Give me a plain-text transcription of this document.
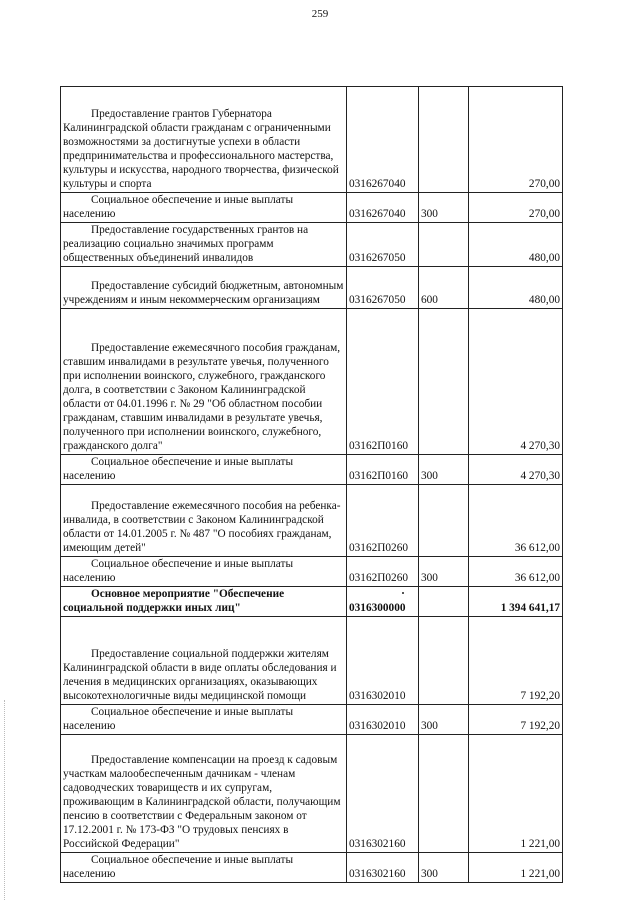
259
Предоставление грантов Губернатора Калининградской области гражданам с ограниченными возможностями за достигнутые успехи в области предпринимательства и профессионального мастерства, культуры и искусства, народного творчества, физической культуры и спорта	0316267040		270,00

Социальное обеспечение и иные выплаты населению	0316267040	300	270,00

Предоставление государственных грантов на реализацию социально значимых программ общественных объединений инвалидов	0316267050		480,00

Предоставление субсидий бюджетным, автономным учреждениям и иным некоммерческим организациям	0316267050	600	480,00

Предоставление ежемесячного пособия гражданам, ставшим инвалидами в результате увечья, полученного при исполнении воинского, служебного, гражданского долга, в соответствии с Законом Калининградской области от 04.01.1996 г. № 29 "Об областном пособии гражданам, ставшим инвалидами в результате увечья, полученного при исполнении воинского, служебного, гражданского долга"	03162П0160		4 270,30

Социальное обеспечение и иные выплаты населению	03162П0160	300	4 270,30

Предоставление ежемесячного пособия на ребенка-инвалида, в соответствии с Законом Калининградской области от 14.01.2005 г. № 487 "О пособиях гражданам, имеющим детей"	03162П0260		36 612,00

Социальное обеспечение и иные выплаты населению	03162П0260	300	36 612,00

Основное мероприятие "Обеспечение социальной поддержки иных лиц"	0316300000		1 394 641,17

Предоставление социальной поддержки жителям Калининградской области в виде оплаты обследования и лечения в медицинских организациях, оказывающих высокотехнологичные виды медицинской помощи	0316302010		7 192,20

Социальное обеспечение и иные выплаты населению	0316302010	300	7 192,20

Предоставление компенсации на проезд к садовым участкам малообеспеченным дачникам - членам садоводческих товариществ и их супругам, проживающим в Калининградской области, получающим пенсию в соответствии с Федеральным законом от 17.12.2001 г. № 173-ФЗ "О трудовых пенсиях в Российской Федерации"	0316302160		1 221,00

Социальное обеспечение и иные выплаты населению	0316302160	300	1 221,00
